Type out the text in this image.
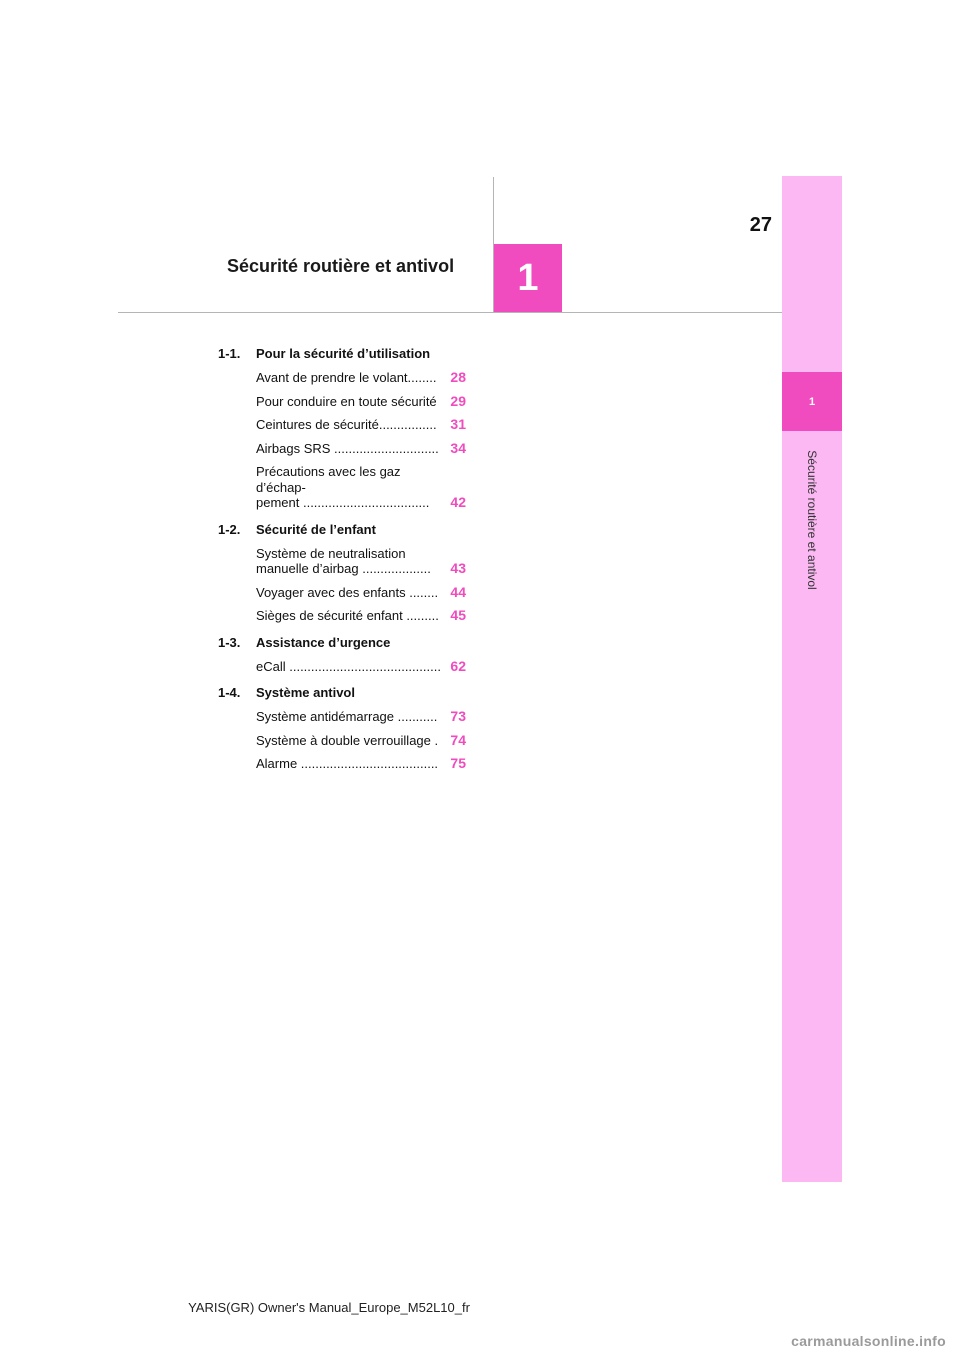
27
Sécurité routière et antivol	1
1
Sécurité routière et antivol
1-1.	Pour la sécurité d’utilisation
Avant de prendre le volant........ 28
Pour conduire en toute sécurité 29
Ceintures de sécurité................ 31
Airbags SRS ............................. 34
Précautions avec les gaz d’échap-
pement ...................................	42
1-2.	Sécurité de l’enfant
Système de neutralisation
manuelle d’airbag ...................	43
Voyager avec des enfants ........ 44
Sièges de sécurité enfant ......... 45
1-3.	Assistance d’urgence
eCall .......................................... 62
1-4.	Système antivol
Système antidémarrage ........... 73
Système à double verrouillage . 74
Alarme ...................................... 75
YARIS(GR) Owner's Manual_Europe_M52L10_fr
carmanualsonline.info
